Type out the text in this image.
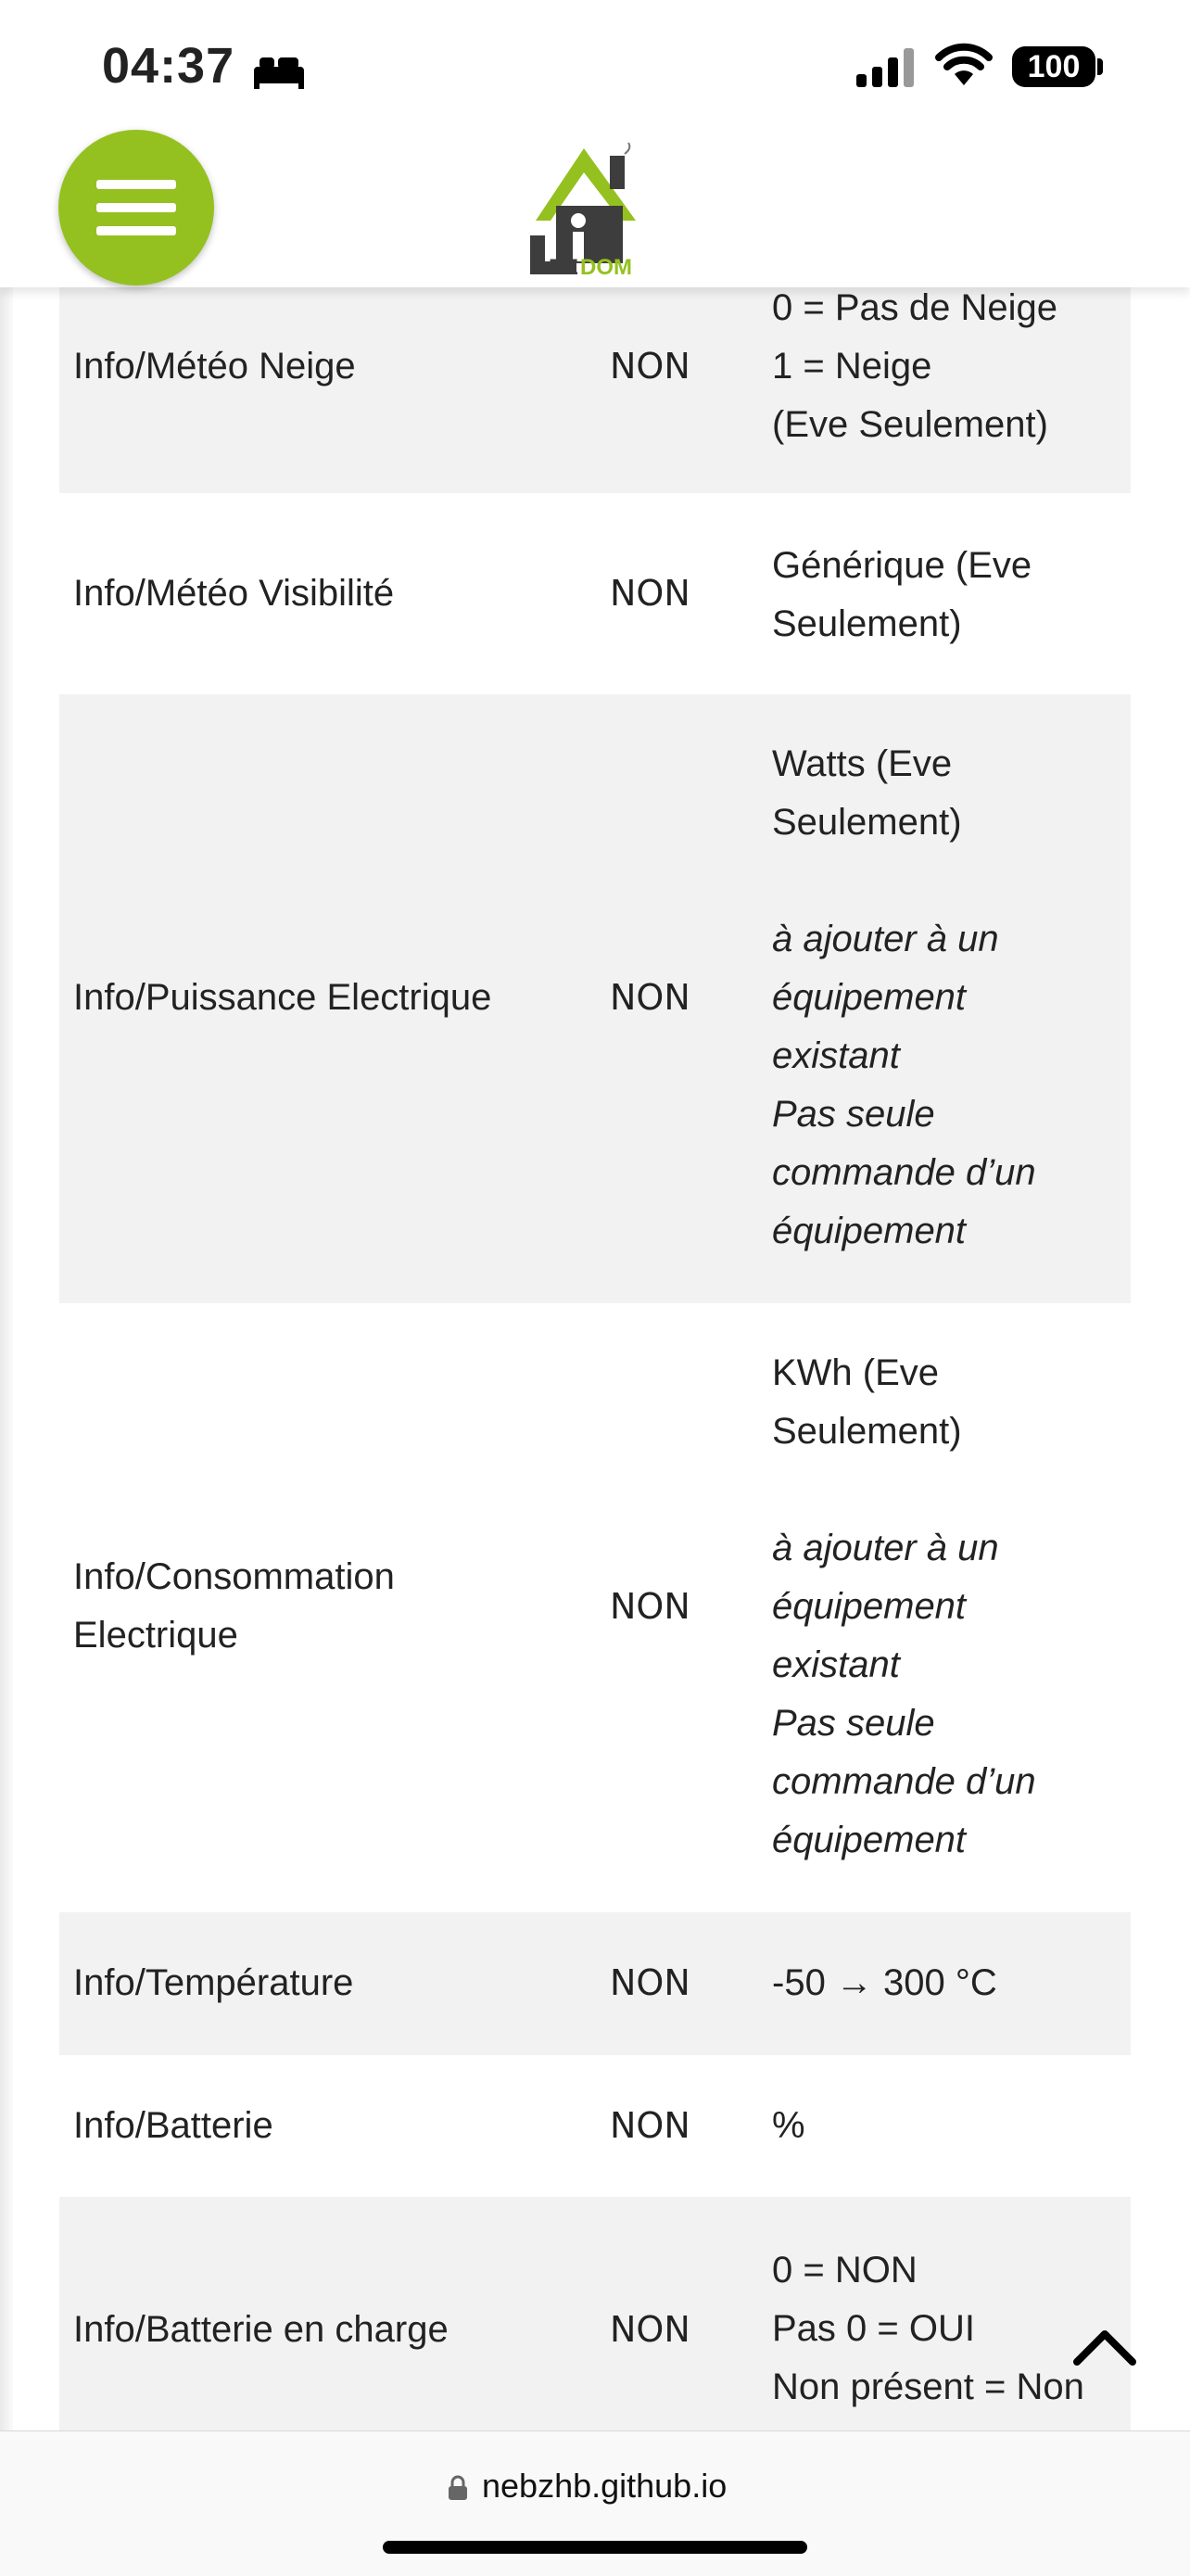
04:37	100
EE DOM
Info/Météo Neige	NON
0 = Pas de Neige
1 = Neige
(Eve Seulement)
Info/Météo Visibilité	NON
Générique (Eve
Seulement)
Info/Puissance Electrique	NON
Watts (Eve
Seulement)
à ajouter à un
équipement
existant
Pas seule
commande d’un
équipement
Info/Consommation
Electrique
NON
KWh (Eve
Seulement)
à ajouter à un
équipement
existant
Pas seule
commande d’un
équipement
Info/Température	NON -50 → 300 °C
Info/Batterie	NON %
Info/Batterie en charge	NON
0 = NON
Pas 0 = OUI
Non présent = Non
nebzhb.github.io
